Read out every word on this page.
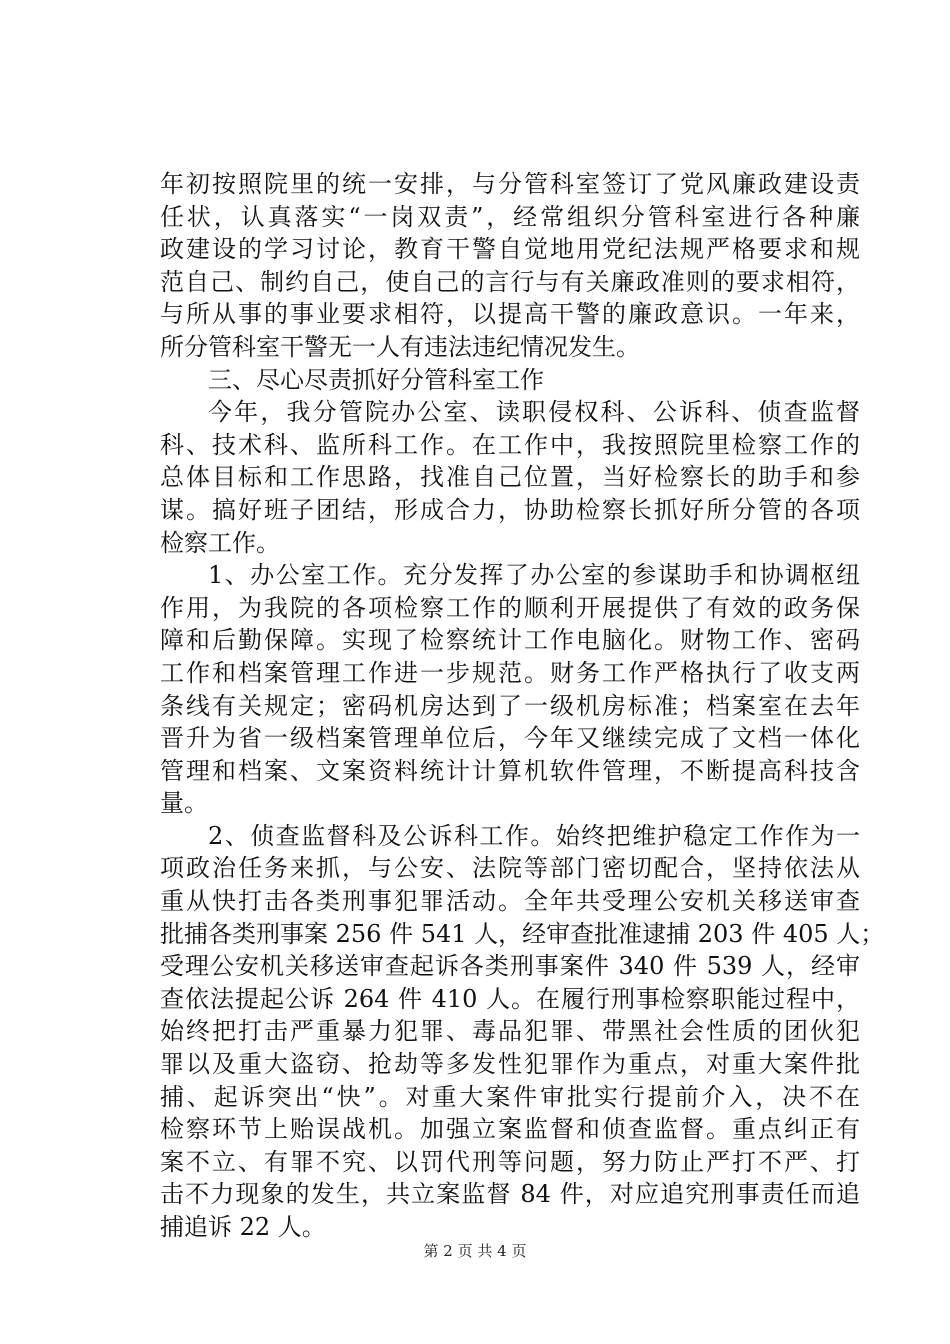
年初按照院里的统一安排，与分管科室签订了党风廉政建设责
任状，认真落实“一岗双责”，经常组织分管科室进行各种廉
政建设的学习讨论，教育干警自觉地用党纪法规严格要求和规
范自己、制约自己，使自己的言行与有关廉政准则的要求相符，
与所从事的事业要求相符，以提高干警的廉政意识。一年来，
所分管科室干警无一人有违法违纪情况发生。
三、尽心尽责抓好分管科室工作
今年，我分管院办公室、读职侵权科、公诉科、侦查监督
科、技术科、监所科工作。在工作中，我按照院里检察工作的
总体目标和工作思路，找准自己位置，当好检察长的助手和参
谋。搞好班子团结，形成合力，协助检察长抓好所分管的各项
检察工作。
1、办公室工作。充分发挥了办公室的参谋助手和协调枢纽
作用，为我院的各项检察工作的顺利开展提供了有效的政务保
障和后勤保障。实现了检察统计工作电脑化。财物工作、密码
工作和档案管理工作进一步规范。财务工作严格执行了收支两
条线有关规定；密码机房达到了一级机房标准；档案室在去年
晋升为省一级档案管理单位后，今年又继续完成了文档一体化
管理和档案、文案资料统计计算机软件管理，不断提高科技含
量。
2、侦查监督科及公诉科工作。始终把维护稳定工作作为一
项政治任务来抓，与公安、法院等部门密切配合，坚持依法从
重从快打击各类刑事犯罪活动。全年共受理公安机关移送审查
批捕各类刑事案 256 件 541 人，经审查批准逮捕 203 件 405 人；
受理公安机关移送审查起诉各类刑事案件 340 件 539 人，经审
查依法提起公诉 264 件 410 人。在履行刑事检察职能过程中，
始终把打击严重暴力犯罪、毒品犯罪、带黑社会性质的团伙犯
罪以及重大盗窃、抢劫等多发性犯罪作为重点，对重大案件批
捕、起诉突出“快”。对重大案件审批实行提前介入，决不在
检察环节上贻误战机。加强立案监督和侦查监督。重点纠正有
案不立、有罪不究、以罚代刑等问题，努力防止严打不严、打
击不力现象的发生，共立案监督 84 件，对应追究刑事责任而追
捕追诉 22 人。
第 2 页 共 4 页
